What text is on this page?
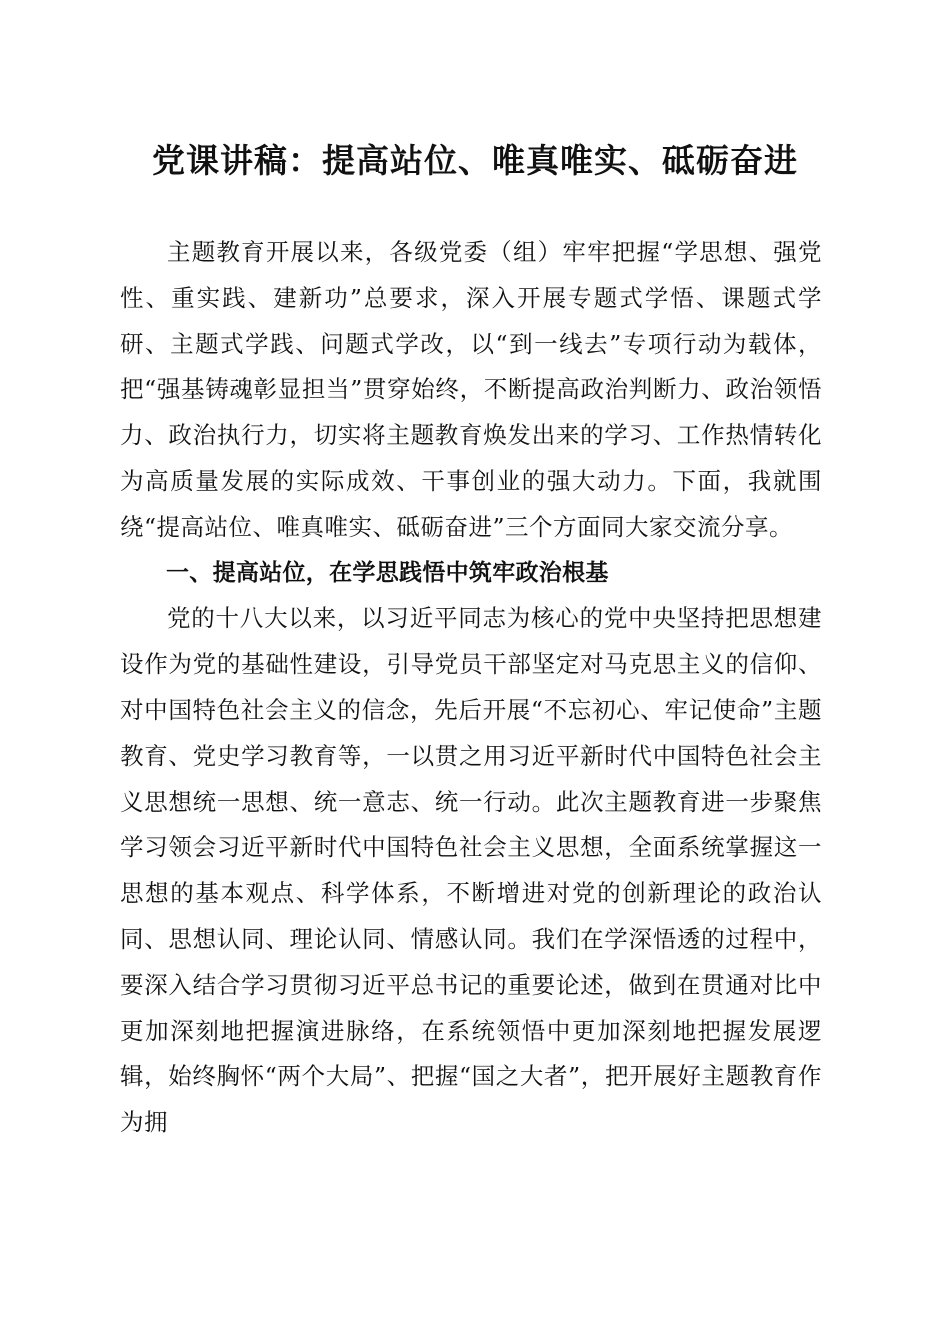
党课讲稿：提高站位、唯真唯实、砥砺奋进

主题教育开展以来，各级党委（组）牢牢把握“学思想、强党性、重实践、建新功”总要求，深入开展专题式学悟、课题式学研、主题式学践、问题式学改，以“到一线去”专项行动为载体，把“强基铸魂彰显担当”贯穿始终，不断提高政治判断力、政治领悟力、政治执行力，切实将主题教育焕发出来的学习、工作热情转化为高质量发展的实际成效、干事创业的强大动力。下面，我就围绕“提高站位、唯真唯实、砥砺奋进”三个方面同大家交流分享。

一、提高站位，在学思践悟中筑牢政治根基

党的十八大以来，以习近平同志为核心的党中央坚持把思想建设作为党的基础性建设，引导党员干部坚定对马克思主义的信仰、对中国特色社会主义的信念，先后开展“不忘初心、牢记使命”主题教育、党史学习教育等，一以贯之用习近平新时代中国特色社会主义思想统一思想、统一意志、统一行动。此次主题教育进一步聚焦学习领会习近平新时代中国特色社会主义思想，全面系统掌握这一思想的基本观点、科学体系，不断增进对党的创新理论的政治认同、思想认同、理论认同、情感认同。我们在学深悟透的过程中，要深入结合学习贯彻习近平总书记的重要论述，做到在贯通对比中更加深刻地把握演进脉络，在系统领悟中更加深刻地把握发展逻辑，始终胸怀“两个大局”、把握“国之大者”，把开展好主题教育作为拥
